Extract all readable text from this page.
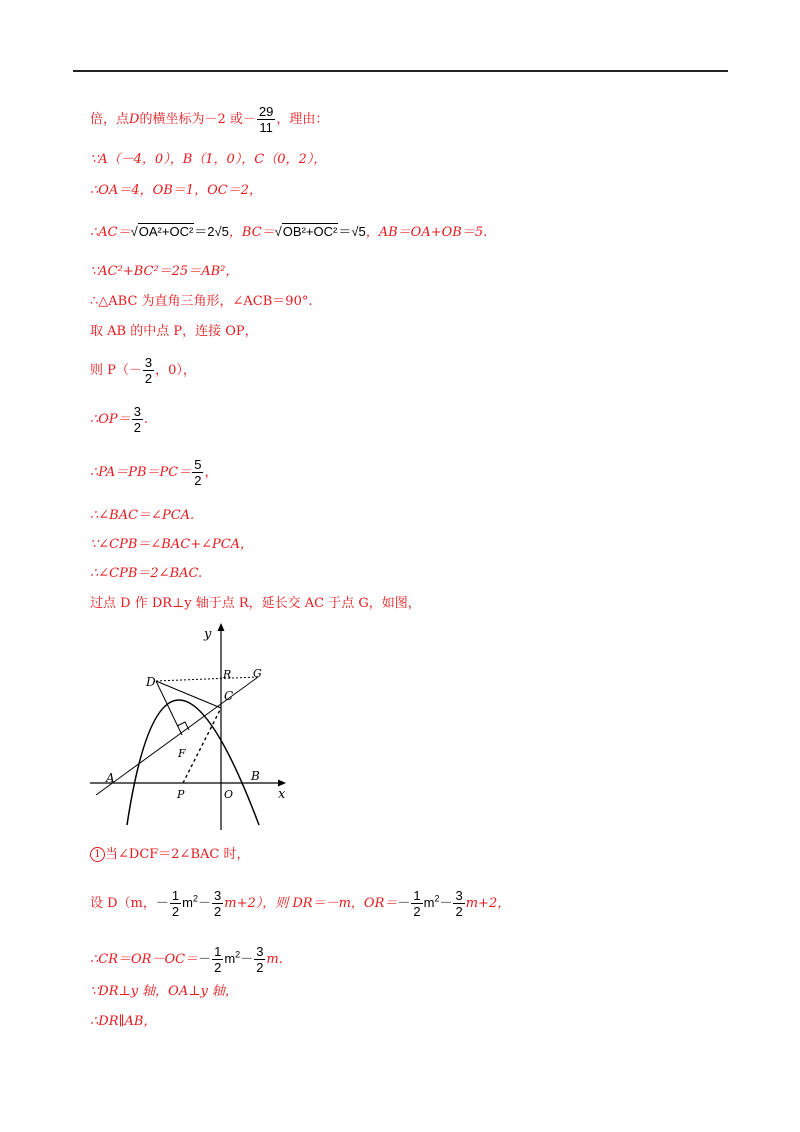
倍，点D的横坐标为－2 或－ $\frac{29}{11}$ ，理由：
∵A（－4，0），B（1，0），C（0，2），
∴OA＝4，OB＝1，OC＝2，
∴AC＝√OA²+OC²＝2√5，BC＝√OB²+OC²＝√5，AB＝OA+OB＝5.
∵AC²+BC²＝25＝AB²，
∴△ABC 为直角三角形，∠ACB＝90°.
取 AB 的中点 P，连接 OP，
则 $P(- \frac{3}{2}$ ，0），
∴OP＝ $\frac{3}{2}$ .
∴PA＝PB＝PC＝ $\frac{5}{2}$ ，
∴∠BAC＝∠PCA.
∵∠CPB＝∠BAC+∠PCA，
∴∠CPB＝2∠BAC.
过点 D 作 DR⊥y 轴于点 R，延长交 AC 于点 G，如图，
y
x
D
R G
C
F
A
P	O
B
1 当∠DCF＝2∠BAC 时，
设 D（m，－ $\frac{1}{2} m^2- \frac{3}{2} m+2$），则 DR＝－m，$OR=- \frac{1}{2} m^2- \frac{3}{2} m+2$，
∴CR＝OR－OC＝－ $\frac{1}{2} m^2- \frac{3}{2} m$.
∵DR⊥y 轴，OA⊥y 轴，
∴DR∥AB，
